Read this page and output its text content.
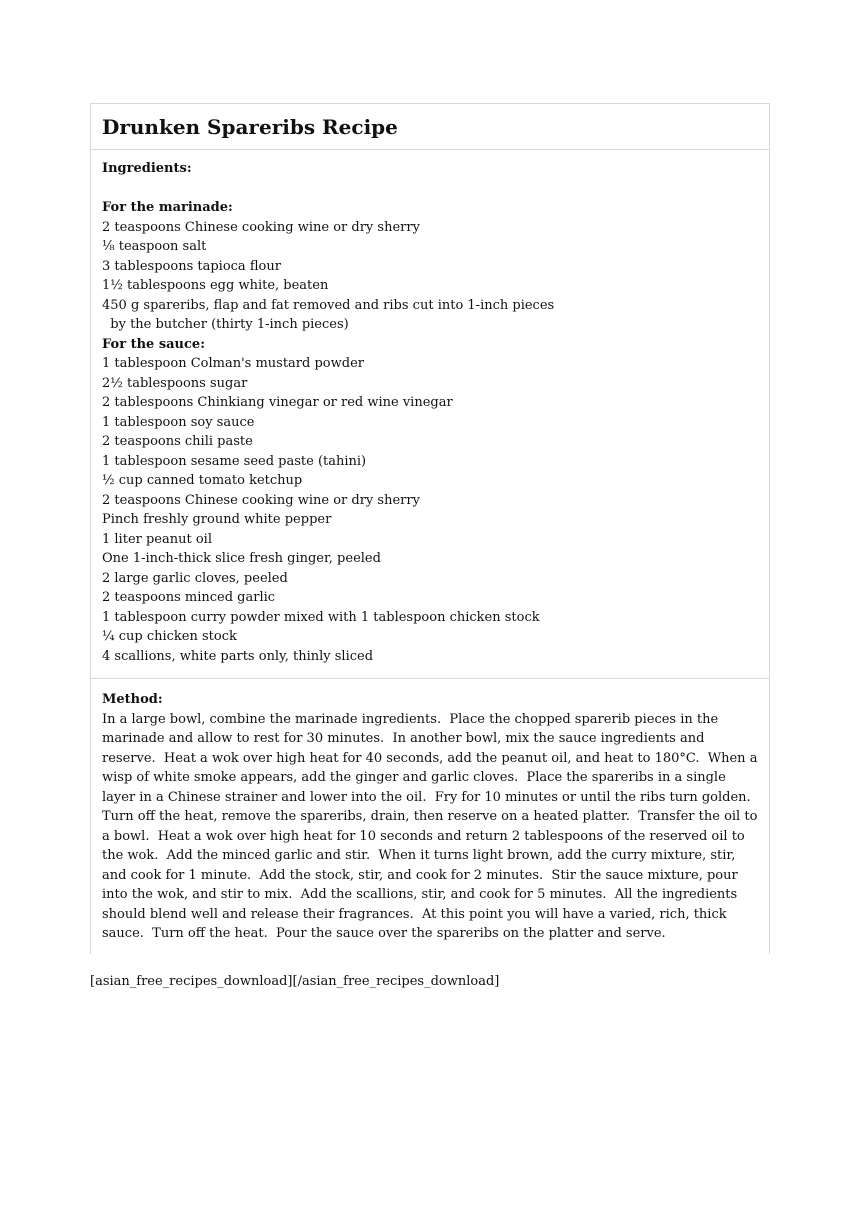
Drunken Spareribs Recipe
Ingredients:
For the marinade:
2 teaspoons Chinese cooking wine or dry sherry
⅛ teaspoon salt
3 tablespoons tapioca flour
1½ tablespoons egg white, beaten
450 g spareribs, flap and fat removed and ribs cut into 1-inch pieces
by the butcher (thirty 1-inch pieces)
For the sauce:
1 tablespoon Colman's mustard powder
2½ tablespoons sugar
2 tablespoons Chinkiang vinegar or red wine vinegar
1 tablespoon soy sauce
2 teaspoons chili paste
1 tablespoon sesame seed paste (tahini)
½ cup canned tomato ketchup
2 teaspoons Chinese cooking wine or dry sherry
Pinch freshly ground white pepper
1 liter peanut oil
One 1-inch-thick slice fresh ginger, peeled
2 large garlic cloves, peeled
2 teaspoons minced garlic
1 tablespoon curry powder mixed with 1 tablespoon chicken stock
¼ cup chicken stock
4 scallions, white parts only, thinly sliced
Method:
In a large bowl, combine the marinade ingredients.  Place the chopped sparerib pieces in the
marinade and allow to rest for 30 minutes.  In another bowl, mix the sauce ingredients and
reserve.  Heat a wok over high heat for 40 seconds, add the peanut oil, and heat to 180°C.  When a
wisp of white smoke appears, add the ginger and garlic cloves.  Place the spareribs in a single
layer in a Chinese strainer and lower into the oil.  Fry for 10 minutes or until the ribs turn golden.
Turn off the heat, remove the spareribs, drain, then reserve on a heated platter.  Transfer the oil to
a bowl.  Heat a wok over high heat for 10 seconds and return 2 tablespoons of the reserved oil to
the wok.  Add the minced garlic and stir.  When it turns light brown, add the curry mixture, stir,
and cook for 1 minute.  Add the stock, stir, and cook for 2 minutes.  Stir the sauce mixture, pour
into the wok, and stir to mix.  Add the scallions, stir, and cook for 5 minutes.  All the ingredients
should blend well and release their fragrances.  At this point you will have a varied, rich, thick
sauce.  Turn off the heat.  Pour the sauce over the spareribs on the platter and serve.
[asian_free_recipes_download][/asian_free_recipes_download]
